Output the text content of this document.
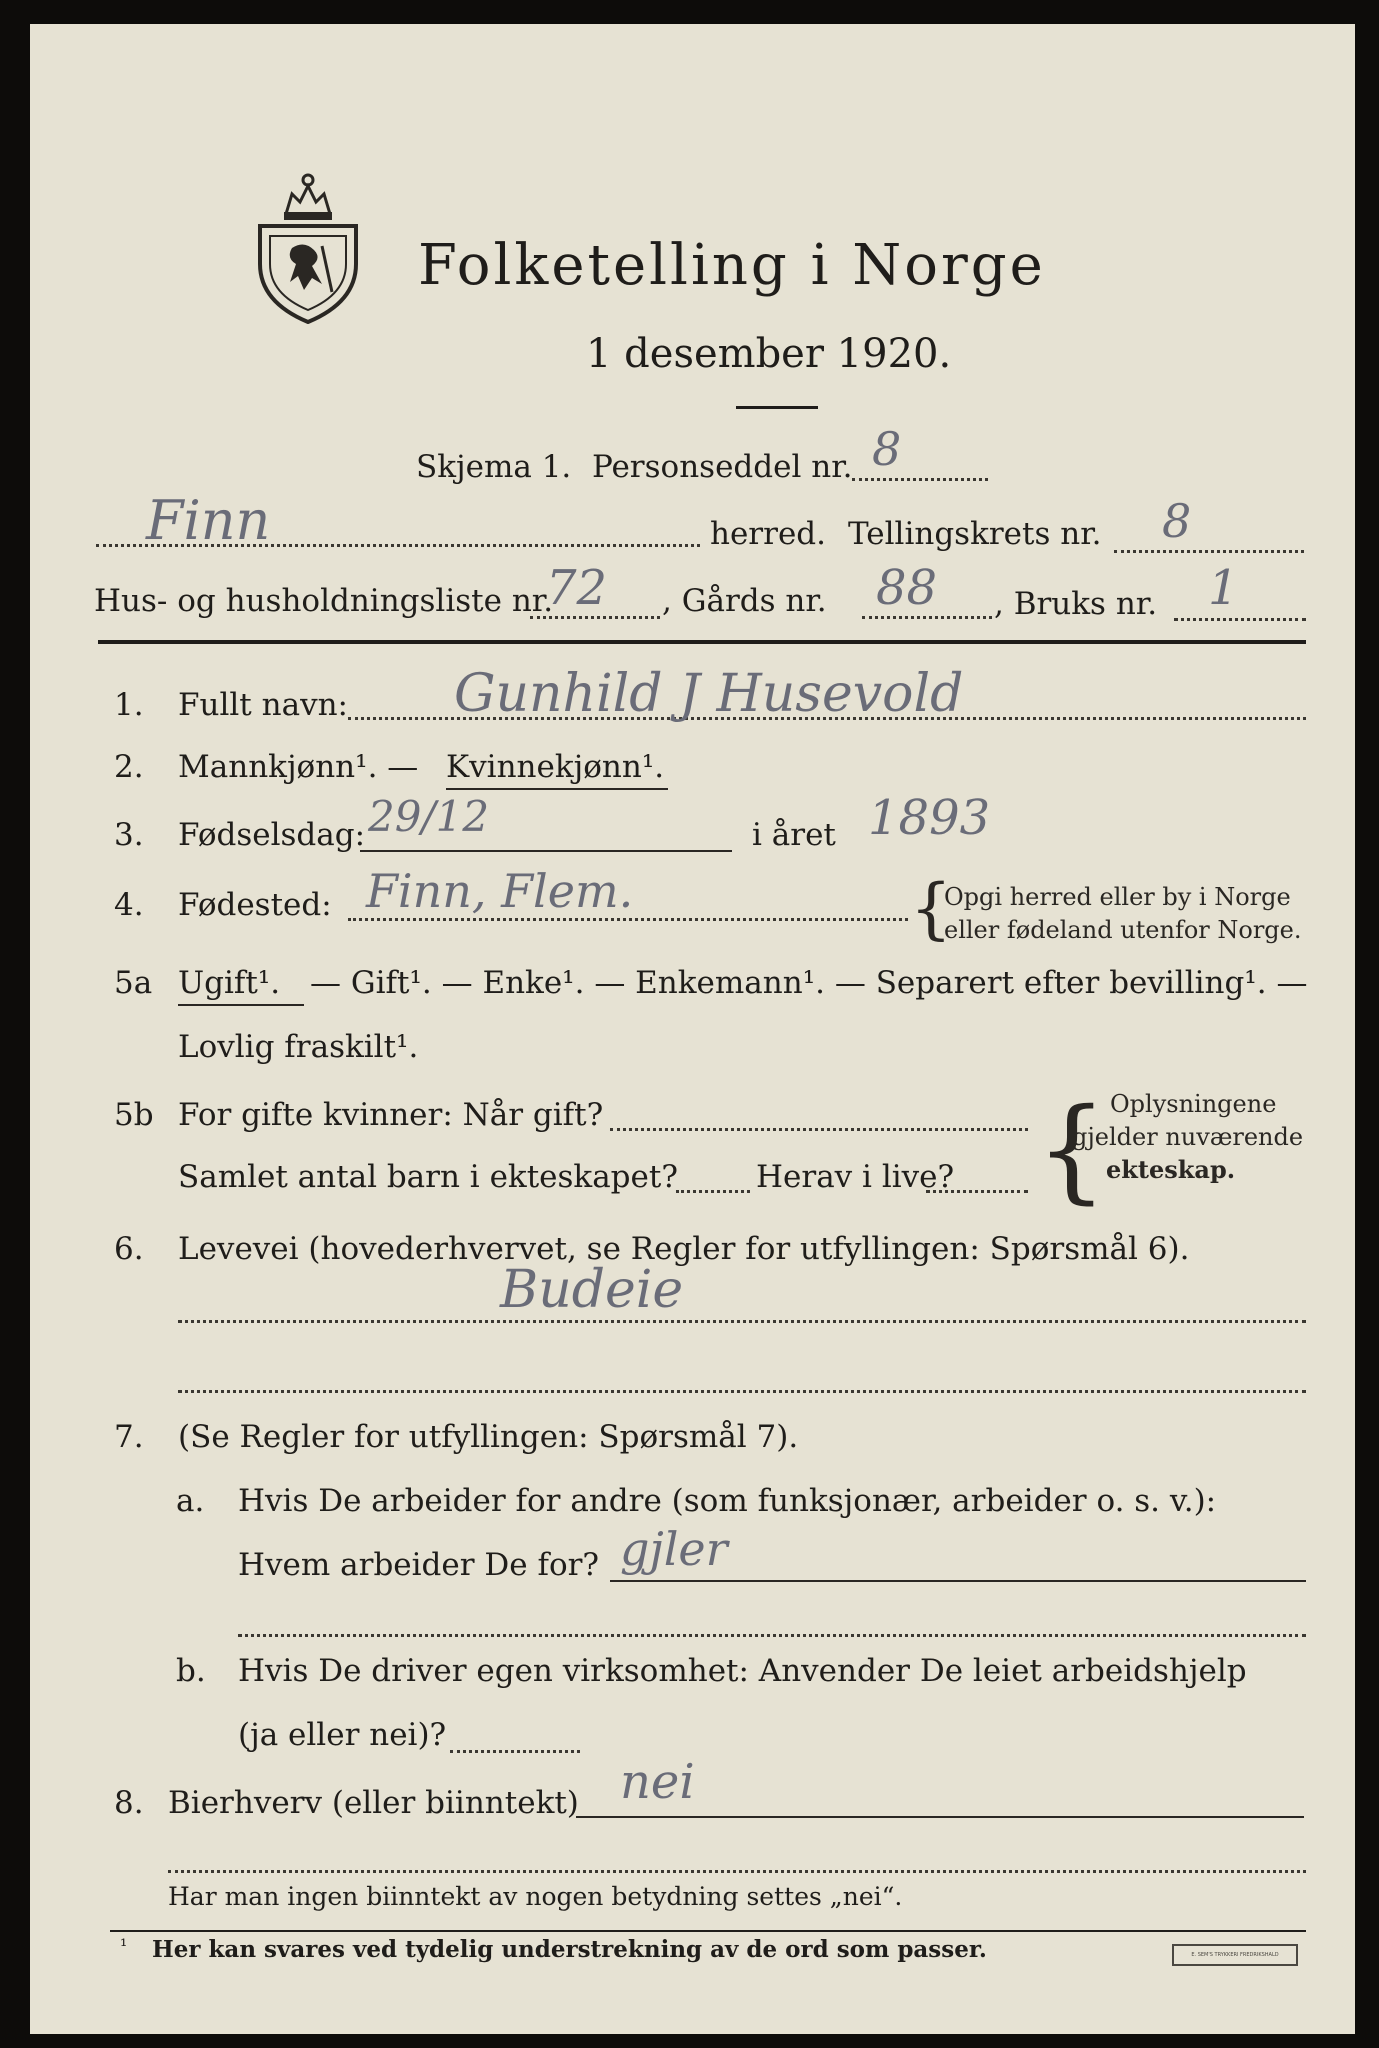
Folketelling i Norge
1 desember 1920.
Skjema 1. Personseddel nr. 8
Finn	herred. Tellingskrets nr. 8
Hus- og husholdningsliste nr.
72 , Gårds nr. 88 , Bruks nr. 1
1. Fullt navn: Gunhild J Husevold
2. Mannkjønn¹. — Kvinnekjønn¹.
3. Fødselsdag: 29/12	i året 1893
4. Fødested: Finn, Flem.	{
Opgi herred eller by i Norge
eller fødeland utenfor Norge.
5a Ugift¹. — Gift¹. — Enke¹. — Enkemann¹. — Separert efter bevilling¹. —
Lovlig fraskilt¹.
5b For gifte kvinner: Når gift?
Samlet antal barn i ekteskapet?	Herav i live? { Oplysningene
gjelder nuværende
ekteskap.
6. Levevei (hovederhvervet, se Regler for utfyllingen: Spørsmål 6).
Budeie
7. (Se Regler for utfyllingen: Spørsmål 7).
a. Hvis De arbeider for andre (som funksjonær, arbeider o. s. v.):
Hvem arbeider De for? gjler
b. Hvis De driver egen virksomhet: Anvender De leiet arbeidshjelp
(ja eller nei)?
8. Bierhverv (eller biinntekt) nei
Har man ingen biinntekt av nogen betydning settes „nei“.
¹ Her kan svares ved tydelig understrekning av de ord som passer.	E. SEM'S TRYKKERI FREDRIKSHALD
